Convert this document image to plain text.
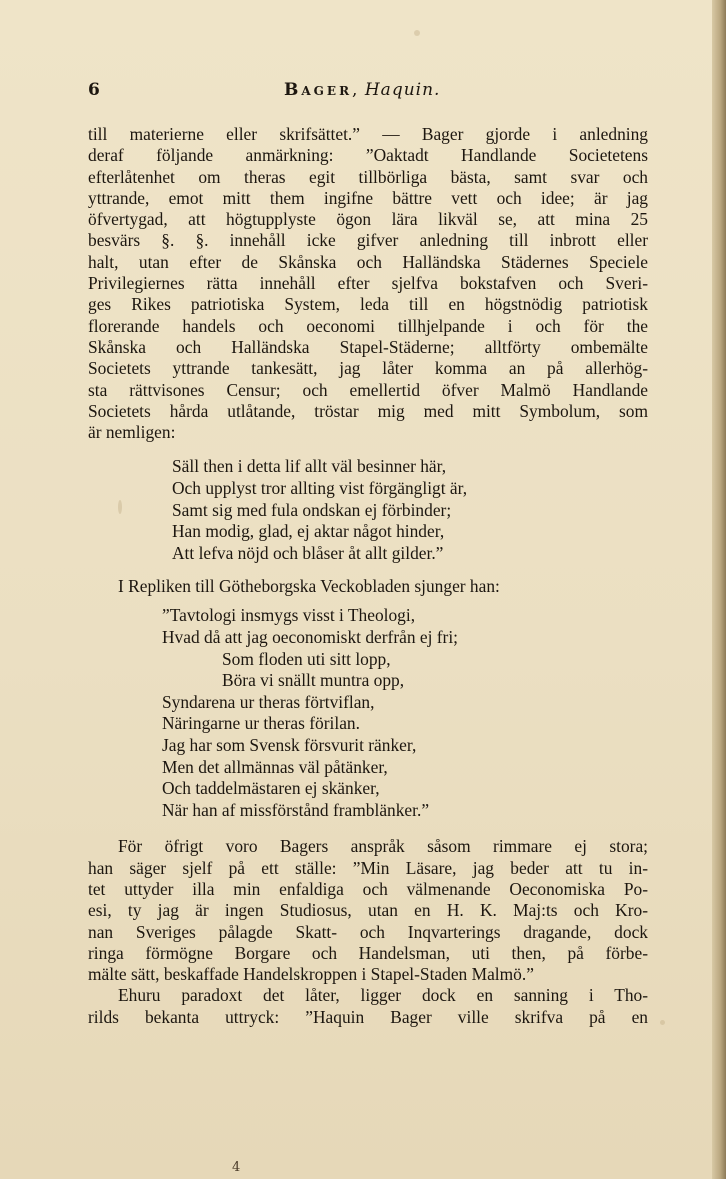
6	Bager, Haquin.
till materierne eller skrifsättet.” — Bager gjorde i anledning
deraf följande anmärkning: ”Oaktadt Handlande Societetens
efterlåtenhet om theras egit tillbörliga bästa, samt svar och
yttrande, emot mitt them ingifne bättre vett och idee; är jag
öfvertygad, att högtupplyste ögon lära likväl se, att mina 25
besvärs §. §. innehåll icke gifver anledning till inbrott eller
halt, utan efter de Skånska och Halländska Städernes Speciele
Privilegiernes rätta innehåll efter sjelfva bokstafven och Sveri-
ges Rikes patriotiska System, leda till en högstnödig patriotisk
florerande handels och oeconomi tillhjelpande i och för the
Skånska och Halländska Stapel-Städerne; alltförty ombemälte
Societets yttrande tankesätt, jag låter komma an på allerhög-
sta rättvisones Censur; och emellertid öfver Malmö Handlande
Societets hårda utlåtande, tröstar mig med mitt Symbolum, som
är nemligen:
Säll then i detta lif allt väl besinner här,
Och upplyst tror allting vist förgängligt är,
Samt sig med fula ondskan ej förbinder;
Han modig, glad, ej aktar något hinder,
Att lefva nöjd och blåser åt allt gilder.”
I Repliken till Götheborgska Veckobladen sjunger han:
”Tavtologi insmygs visst i Theologi,
Hvad då att jag oeconomiskt derfrån ej fri;
Som floden uti sitt lopp,
Böra vi snällt muntra opp,
Syndarena ur theras förtviflan,
Näringarne ur theras förilan.
Jag har som Svensk försvurit ränker,
Men det allmännas väl påtänker,
Och taddelmästaren ej skänker,
När han af missförstånd framblänker.”
För öfrigt voro Bagers anspråk såsom rimmare ej stora;
han säger sjelf på ett ställe: ”Min Läsare, jag beder att tu in-
tet uttyder illa min enfaldiga och välmenande Oeconomiska Po-
esi, ty jag är ingen Studiosus, utan en H. K. Maj:ts och Kro-
nan Sveriges pålagde Skatt- och Inqvarterings dragande, dock
ringa förmögne Borgare och Handelsman, uti then, på förbe-
mälte sätt, beskaffade Handelskroppen i Stapel-Staden Malmö.”
Ehuru paradoxt det låter, ligger dock en sanning i Tho-
rilds bekanta uttryck: ”Haquin Bager ville skrifva på en
4
